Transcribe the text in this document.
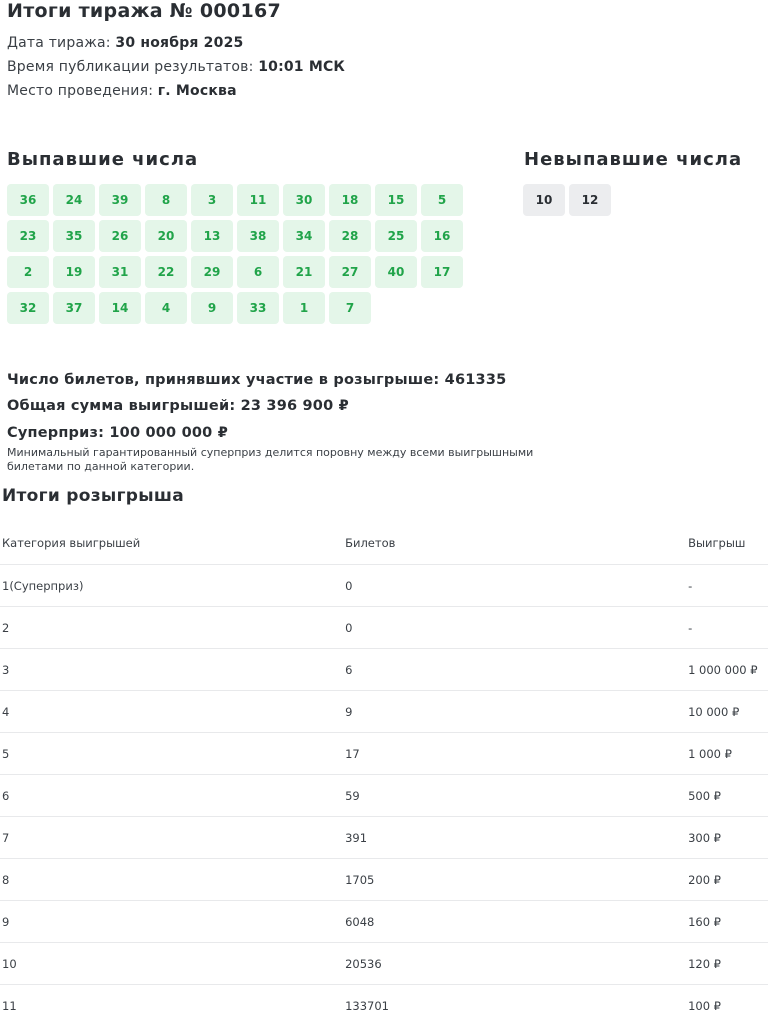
Итоги тиража № 000167
Дата тиража: 30 ноября 2025
Время публикации результатов: 10:01 МСК
Место проведения: г. Москва
Выпавшие числа	Невыпавшие числа
36	24	39	8	3	11	30	18	15	5
23	35	26	20	13	38	34	28	25	16
2	19	31	22	29	6	21	27	40	17
32	37	14	4	9	33	1	7
10	12
Число билетов, принявших участие в розыгрыше: 461335
Общая сумма выигрышей: 23 396 900 ₽
Суперприз: 100 000 000 ₽
Минимальный гарантированный суперприз делится поровну между всеми выигрышными билетами по данной категории.
Итоги розыгрыша
Категория выигрышей	Билетов	Выигрыш
1(Суперприз)	0	-
2	0	-
3	6	1 000 000 ₽
4	9	10 000 ₽
5	17	1 000 ₽
6	59	500 ₽
7	391	300 ₽
8	1705	200 ₽
9	6048	160 ₽
10	20536	120 ₽
11	133701	100 ₽
